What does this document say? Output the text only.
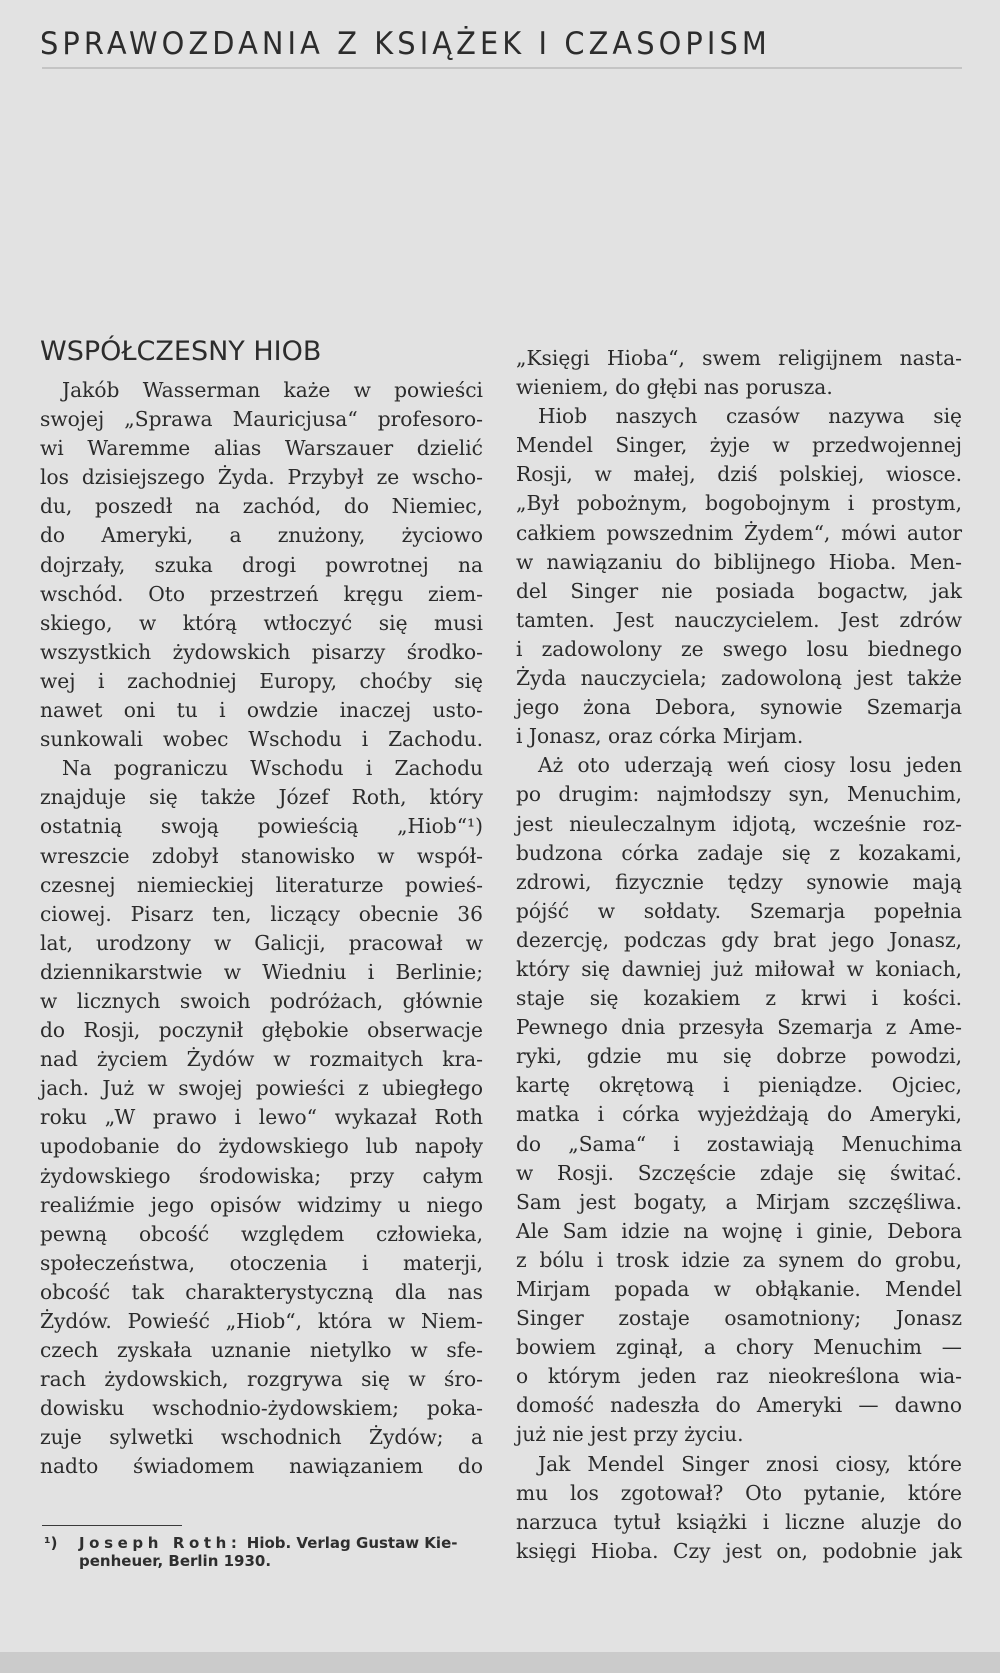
SPRAWOZDANIA Z KSIĄŻEK I CZASOPISM
WSPÓŁCZESNY HIOB
Jakób Wasserman każe w powieści
swojej „Sprawa Mauricjusa“ profesoro-
wi Waremme alias Warszauer dzielić
los dzisiejszego Żyda. Przybył ze wscho-
du, poszedł na zachód, do Niemiec,
do Ameryki, a znużony, życiowo
dojrzały, szuka drogi powrotnej na
wschód. Oto przestrzeń kręgu ziem-
skiego, w którą wtłoczyć się musi
wszystkich żydowskich pisarzy środko-
wej i zachodniej Europy, choćby się
nawet oni tu i owdzie inaczej usto-
sunkowali wobec Wschodu i Zachodu.
Na pograniczu Wschodu i Zachodu
znajduje się także Józef Roth, który
ostatnią swoją powieścią „Hiob“¹)
wreszcie zdobył stanowisko w współ-
czesnej niemieckiej literaturze powieś-
ciowej. Pisarz ten, liczący obecnie 36
lat, urodzony w Galicji, pracował w
dziennikarstwie w Wiedniu i Berlinie;
w licznych swoich podróżach, głównie
do Rosji, poczynił głębokie obserwacje
nad życiem Żydów w rozmaitych kra-
jach. Już w swojej powieści z ubiegłego
roku „W prawo i lewo“ wykazał Roth
upodobanie do żydowskiego lub napoły
żydowskiego środowiska; przy całym
realiźmie jego opisów widzimy u niego
pewną obcość względem człowieka,
społeczeństwa, otoczenia i materji,
obcość tak charakterystyczną dla nas
Żydów. Powieść „Hiob“, która w Niem-
czech zyskała uznanie nietylko w sfe-
rach żydowskich, rozgrywa się w śro-
dowisku wschodnio-żydowskiem; poka-
zuje sylwetki wschodnich Żydów; a
nadto świadomem nawiązaniem do
„Księgi Hioba“, swem religijnem nasta-
wieniem, do głębi nas porusza.
Hiob naszych czasów nazywa się
Mendel Singer, żyje w przedwojennej
Rosji, w małej, dziś polskiej, wiosce.
„Był pobożnym, bogobojnym i prostym,
całkiem powszednim Żydem“, mówi autor
w nawiązaniu do biblijnego Hioba. Men-
del Singer nie posiada bogactw, jak
tamten. Jest nauczycielem. Jest zdrów
i zadowolony ze swego losu biednego
Żyda nauczyciela; zadowoloną jest także
jego żona Debora, synowie Szemarja
i Jonasz, oraz córka Mirjam.
Aż oto uderzają weń ciosy losu jeden
po drugim: najmłodszy syn, Menuchim,
jest nieuleczalnym idjotą, wcześnie roz-
budzona córka zadaje się z kozakami,
zdrowi, fizycznie tędzy synowie mają
pójść w sołdaty. Szemarja popełnia
dezercję, podczas gdy brat jego Jonasz,
który się dawniej już miłował w koniach,
staje się kozakiem z krwi i kości.
Pewnego dnia przesyła Szemarja z Ame-
ryki, gdzie mu się dobrze powodzi,
kartę okrętową i pieniądze. Ojciec,
matka i córka wyjeżdżają do Ameryki,
do „Sama“ i zostawiają Menuchima
w Rosji. Szczęście zdaje się świtać.
Sam jest bogaty, a Mirjam szczęśliwa.
Ale Sam idzie na wojnę i ginie, Debora
z bólu i trosk idzie za synem do grobu,
Mirjam popada w obłąkanie. Mendel
Singer zostaje osamotniony; Jonasz
bowiem zginął, a chory Menuchim —
o którym jeden raz nieokreślona wia-
domość nadeszła do Ameryki — dawno
już nie jest przy życiu.
Jak Mendel Singer znosi ciosy, które
mu los zgotował? Oto pytanie, które
narzuca tytuł książki i liczne aluzje do
księgi Hioba. Czy jest on, podobnie jak
¹) Joseph Roth: Hiob. Verlag Gustaw Kie-
penheuer, Berlin 1930.
